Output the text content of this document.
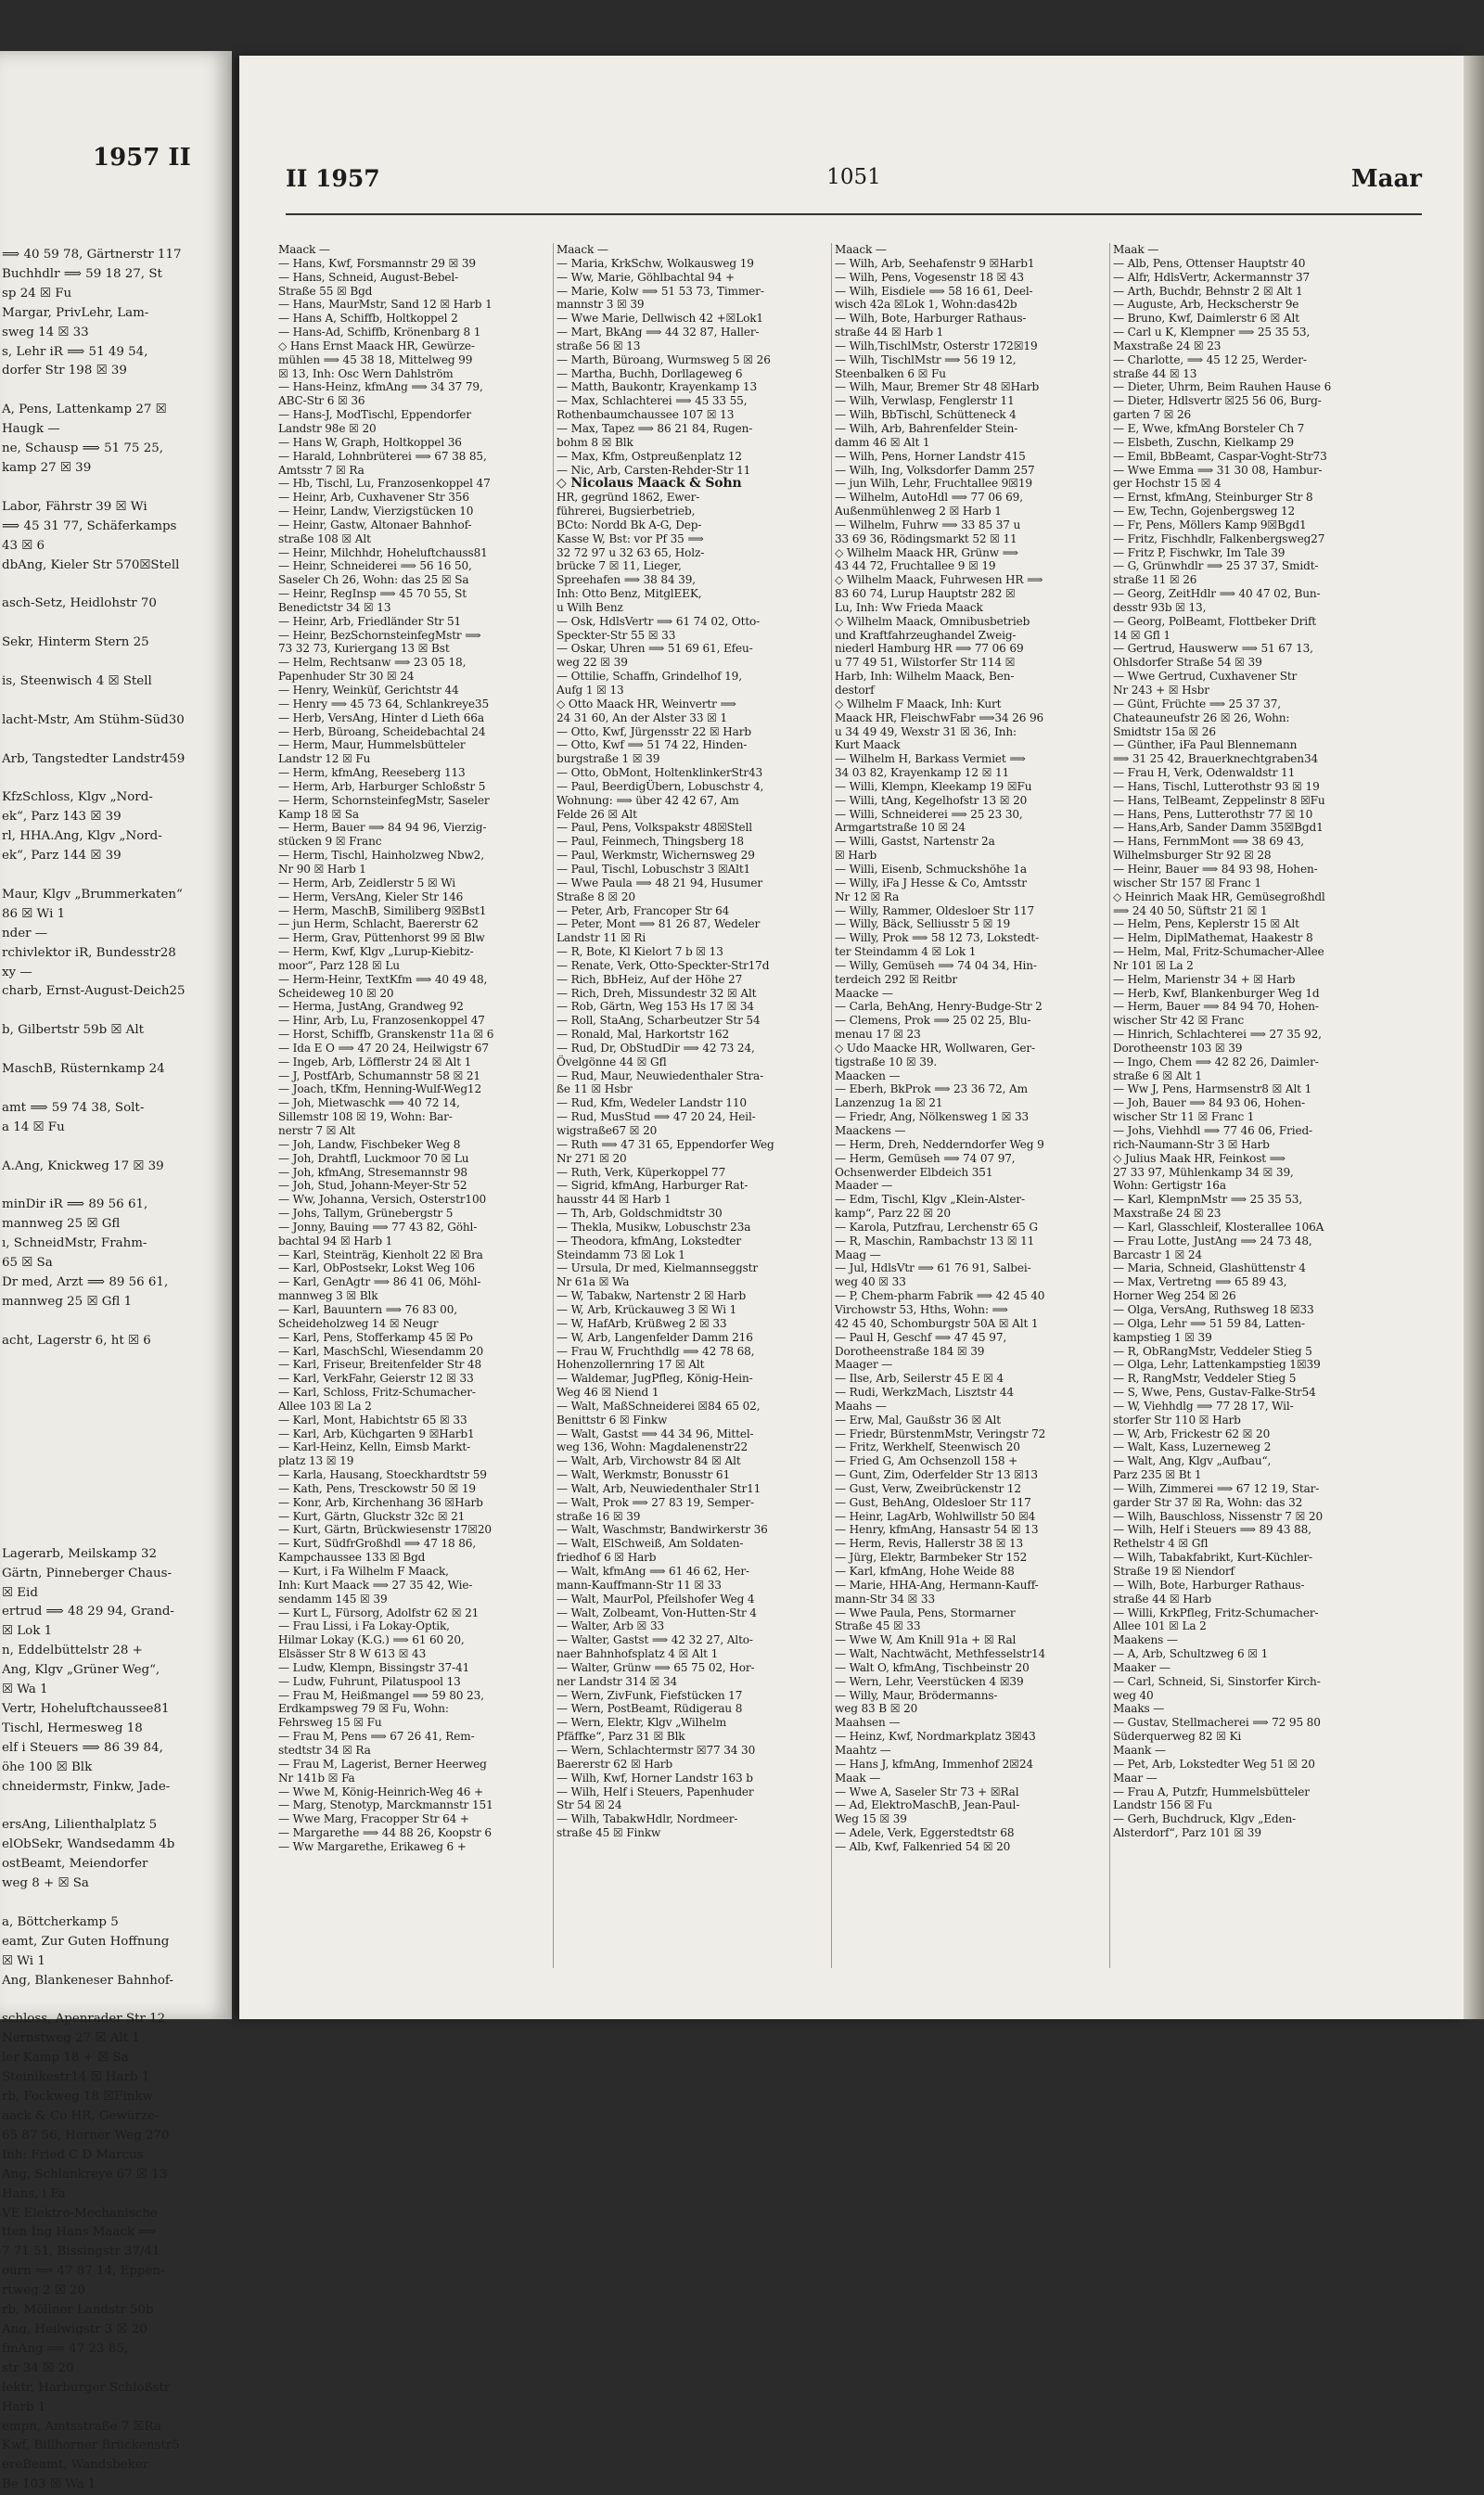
1957 II
⟹ 40 59 78, Gärtnerstr 117
Buchhdlr ⟹ 59 18 27, St
sp 24 ☒ Fu
Margar, PrivLehr, Lam-
sweg 14 ☒ 33
s, Lehr iR ⟹ 51 49 54,
dorfer Str 198 ☒ 39

A, Pens, Lattenkamp 27 ☒
Haugk —
ne, Schausp ⟹ 51 75 25,
kamp 27 ☒ 39

Labor, Fährstr 39 ☒ Wi
⟹ 45 31 77, Schäferkamps
43 ☒ 6
dbAng, Kieler Str 570☒Stell

asch-Setz, Heidlohstr 70

Sekr, Hinterm Stern 25

is, Steenwisch 4 ☒ Stell

lacht-Mstr, Am Stühm-Süd30

Arb, Tangstedter Landstr459

KfzSchloss, Klgv „Nord-
ek“, Parz 143 ☒ 39
rl, HHA.Ang, Klgv „Nord-
ek“, Parz 144 ☒ 39

Maur, Klgv „Brummerkaten“
86 ☒ Wi 1
nder —
rchivlektor iR, Bundesstr28
xy —
charb, Ernst-August-Deich25

b, Gilbertstr 59b ☒ Alt

MaschB, Rüsternkamp 24

amt ⟹ 59 74 38, Solt-
a 14 ☒ Fu

A.Ang, Knickweg 17 ☒ 39

minDir iR ⟹ 89 56 61,
mannweg 25 ☒ Gfl
ı, SchneidMstr, Frahm-
65 ☒ Sa
Dr med, Arzt ⟹ 89 56 61,
mannweg 25 ☒ Gfl 1

acht, Lagerstr 6, ht ☒ 6

Lagerarb, Meilskamp 32
Gärtn, Pinneberger Chaus-
☒ Eid
ertrud ⟹ 48 29 94, Grand-
☒ Lok 1
n, Eddelbüttelstr 28 +
Ang, Klgv „Grüner Weg“,
☒ Wa 1
Vertr, Hoheluftchaussee81
Tischl, Hermesweg 18
elf i Steuers ⟹ 86 39 84,
öhe 100 ☒ Blk
chneidermstr, Finkw, Jade-

ersAng, Lilienthalplatz 5
elObSekr, Wandsedamm 4b
ostBeamt, Meiendorfer
weg 8 + ☒ Sa

a, Böttcherkamp 5
eamt, Zur Guten Hoffnung
☒ Wi 1
Ang, Blankeneser Bahnhof-

schloss, Apenrader Str 12
Nernstweg 27 ☒ Alt 1
ler Kamp 18 + ☒ Sa
Steinikestr14 ☒ Harb 1
rb, Fockweg 18 ☒Finkw
aack & Co HR, Gewürze-
65 87 56, Horner Weg 270
Inh: Fried C D Marcus
Ang, Schlankreye 67 ☒ 13
Hans, i Fa
VE Elektro-Mechanische
tten Ing Hans Maack ⟹
7 71 51, Bissingstr 37/41
ourn ⟹ 47 87 14, Eppen-
rtweg 2 ☒ 20
rb, Möllner Landstr 50b
Ang, Heilwigstr 3 ☒ 20
fmAng ⟹ 47 23 85,
str 34 ☒ 20
lektr, Harburger Schloßstr
Harb 1
empn, Amtsstraße 7 ☒Ra
Kwf, Billhorner Brückenstr5
ereBeamt, Wandsbeker
Be 103 ☒ Wa 1
II 1957	1051	Maar
Maack —
— Hans, Kwf, Forsmannstr 29 ☒ 39
— Hans, Schneid, August-Bebel-
Straße 55 ☒ Bgd
— Hans, MaurMstr, Sand 12 ☒ Harb 1
— Hans A, Schiffb, Holtkoppel 2
— Hans-Ad, Schiffb, Krönenbarg 8 1
◇ Hans Ernst Maack HR, Gewürze-
mühlen ⟹ 45 38 18, Mittelweg 99
☒ 13, Inh: Osc Wern Dahlström
— Hans-Heinz, kfmAng ⟹ 34 37 79,
ABC-Str 6 ☒ 36
— Hans-J, ModTischl, Eppendorfer
Landstr 98e ☒ 20
— Hans W, Graph, Holtkoppel 36
— Harald, Lohnbrüterei ⟹ 67 38 85,
Amtsstr 7 ☒ Ra
— Hb, Tischl, Lu, Franzosenkoppel 47
— Heinr, Arb, Cuxhavener Str 356
— Heinr, Landw, Vierzigstücken 10
— Heinr, Gastw, Altonaer Bahnhof-
straße 108 ☒ Alt
— Heinr, Milchhdr, Hoheluftchauss81
— Heinr, Schneiderei ⟹ 56 16 50,
Saseler Ch 26, Wohn: das 25 ☒ Sa
— Heinr, RegInsp ⟹ 45 70 55, St
Benedictstr 34 ☒ 13
— Heinr, Arb, Friedländer Str 51
— Heinr, BezSchornsteinfegMstr ⟹
73 32 73, Kuriergang 13 ☒ Bst
— Helm, Rechtsanw ⟹ 23 05 18,
Papenhuder Str 30 ☒ 24
— Henry, Weinküf, Gerichtstr 44
— Henry ⟹ 45 73 64, Schlankreye35
— Herb, VersAng, Hinter d Lieth 66a
— Herb, Büroang, Scheidebachtal 24
— Herm, Maur, Hummelsbütteler
Landstr 12 ☒ Fu
— Herm, kfmAng, Reeseberg 113
— Herm, Arb, Harburger Schloßstr 5
— Herm, SchornsteinfegMstr, Saseler
Kamp 18 ☒ Sa
— Herm, Bauer ⟹ 84 94 96, Vierzig-
stücken 9 ☒ Franc
— Herm, Tischl, Hainholzweg Nbw2,
Nr 90 ☒ Harb 1
— Herm, Arb, Zeidlerstr 5 ☒ Wi
— Herm, VersAng, Kieler Str 146
— Herm, MaschB, Similiberg 9☒Bst1
— jun Herm, Schlacht, Baererstr 62
— Herm, Grav, Püttenhorst 99 ☒ Blw
— Herm, Kwf, Klgv „Lurup-Kiebitz-
moor“, Parz 128 ☒ Lu
— Herm-Heinr, TextKfm ⟹ 40 49 48,
Scheideweg 10 ☒ 20
— Herma, JustAng, Grandweg 92
— Hinr, Arb, Lu, Franzosenkoppel 47
— Horst, Schiffb, Granskenstr 11a ☒ 6
— Ida E O ⟹ 47 20 24, Heilwigstr 67
— Ingeb, Arb, Löfflerstr 24 ☒ Alt 1
— J, PostfArb, Schumannstr 58 ☒ 21
— Joach, tKfm, Henning-Wulf-Weg12
— Joh, Mietwaschk ⟹ 40 72 14,
Sillemstr 108 ☒ 19, Wohn: Bar-
nerstr 7 ☒ Alt
— Joh, Landw, Fischbeker Weg 8
— Joh, Drahtfl, Luckmoor 70 ☒ Lu
— Joh, kfmAng, Stresemannstr 98
— Joh, Stud, Johann-Meyer-Str 52
— Ww, Johanna, Versich, Osterstr100
— Johs, Tallym, Grünebergstr 5
— Jonny, Bauing ⟹ 77 43 82, Göhl-
bachtal 94 ☒ Harb 1
— Karl, Steinträg, Kienholt 22 ☒ Bra
— Karl, ObPostsekr, Lokst Weg 106
— Karl, GenAgtr ⟹ 86 41 06, Möhl-
mannweg 3 ☒ Blk
— Karl, Bauuntern ⟹ 76 83 00,
Scheideholzweg 14 ☒ Neugr
— Karl, Pens, Stofferkamp 45 ☒ Po
— Karl, MaschSchl, Wiesendamm 20
— Karl, Friseur, Breitenfelder Str 48
— Karl, VerkFahr, Geierstr 12 ☒ 33
— Karl, Schloss, Fritz-Schumacher-
Allee 103 ☒ La 2
— Karl, Mont, Habichtstr 65 ☒ 33
— Karl, Arb, Küchgarten 9 ☒Harb1
— Karl-Heinz, Kelln, Eimsb Markt-
platz 13 ☒ 19
— Karla, Hausang, Stoeckhardtstr 59
— Kath, Pens, Tresckowstr 50 ☒ 19
— Konr, Arb, Kirchenhang 36 ☒Harb
— Kurt, Gärtn, Gluckstr 32c ☒ 21
— Kurt, Gärtn, Brückwiesenstr 17☒20
— Kurt, SüdfrGroßhdl ⟹ 47 18 86,
Kampchaussee 133 ☒ Bgd
— Kurt, i Fa Wilhelm F Maack,
Inh: Kurt Maack ⟹ 27 35 42, Wie-
sendamm 145 ☒ 39
— Kurt L, Fürsorg, Adolfstr 62 ☒ 21
— Frau Lissi, i Fa Lokay-Optik,
Hilmar Lokay (K.G.) ⟹ 61 60 20,
Elsässer Str 8 W 613 ☒ 43
— Ludw, Klempn, Bissingstr 37-41
— Ludw, Fuhrunt, Pilatuspool 13
— Frau M, Heißmangel ⟹ 59 80 23,
Erdkampsweg 79 ☒ Fu, Wohn:
Fehrsweg 15 ☒ Fu
— Frau M, Pens ⟹ 67 26 41, Rem-
stedtstr 34 ☒ Ra
— Frau M, Lagerist, Berner Heerweg
Nr 141b ☒ Fa
— Wwe M, König-Heinrich-Weg 46 +
— Marg, Stenotyp, Marckmannstr 151
— Wwe Marg, Fracopper Str 64 +
— Margarethe ⟹ 44 88 26, Koopstr 6
— Ww Margarethe, Erikaweg 6 +
Maack —
— Maria, KrkSchw, Wolkausweg 19
— Ww, Marie, Göhlbachtal 94 +
— Marie, Kolw ⟹ 51 53 73, Timmer-
mannstr 3 ☒ 39
— Wwe Marie, Dellwisch 42 +☒Lok1
— Mart, BkAng ⟹ 44 32 87, Haller-
straße 56 ☒ 13
— Marth, Büroang, Wurmsweg 5 ☒ 26
— Martha, Buchh, Dorllageweg 6
— Matth, Baukontr, Krayenkamp 13
— Max, Schlachterei ⟹ 45 33 55,
Rothenbaumchaussee 107 ☒ 13
— Max, Tapez ⟹ 86 21 84, Rugen-
bohm 8 ☒ Blk
— Max, Kfm, Ostpreußenplatz 12
— Nic, Arb, Carsten-Rehder-Str 11
◇ Nicolaus Maack & Sohn
HR, gegründ 1862, Ewer-
führerei, Bugsierbetrieb,
BCto: Nordd Bk A-G, Dep-
Kasse W, Bst: vor Pf 35 ⟹
32 72 97 u 32 63 65, Holz-
brücke 7 ☒ 11, Lieger,
Spreehafen ⟹ 38 84 39,
Inh: Otto Benz, MitglEEK,
u Wilh Benz
— Osk, HdlsVertr ⟹ 61 74 02, Otto-
Speckter-Str 55 ☒ 33
— Oskar, Uhren ⟹ 51 69 61, Efeu-
weg 22 ☒ 39
— Ottilie, Schaffn, Grindelhof 19,
Aufg 1 ☒ 13
◇ Otto Maack HR, Weinvertr ⟹
24 31 60, An der Alster 33 ☒ 1
— Otto, Kwf, Jürgensstr 22 ☒ Harb
— Otto, Kwf ⟹ 51 74 22, Hinden-
burgstraße 1 ☒ 39
— Otto, ObMont, HoltenklinkerStr43
— Paul, BeerdigÜbern, Lobuschstr 4,
Wohnung: ⟹ über 42 42 67, Am
Felde 26 ☒ Alt
— Paul, Pens, Volkspakstr 48☒Stell
— Paul, Feinmech, Thingsberg 18
— Paul, Werkmstr, Wichernsweg 29
— Paul, Tischl, Lobuschstr 3 ☒Alt1
— Wwe Paula ⟹ 48 21 94, Husumer
Straße 8 ☒ 20
— Peter, Arb, Francoper Str 64
— Peter, Mont ⟹ 81 26 87, Wedeler
Landstr 11 ☒ Ri
— R, Bote, Kl Kielort 7 b ☒ 13
— Renate, Verk, Otto-Speckter-Str17d
— Rich, BbHeiz, Auf der Höhe 27
— Rich, Dreh, Missundestr 32 ☒ Alt
— Rob, Gärtn, Weg 153 Hs 17 ☒ 34
— Roll, StaAng, Scharbeutzer Str 54
— Ronald, Mal, Harkortstr 162
— Rud, Dr, ObStudDir ⟹ 42 73 24,
Övelgönne 44 ☒ Gfl
— Rud, Maur, Neuwiedenthaler Stra-
ße 11 ☒ Hsbr
— Rud, Kfm, Wedeler Landstr 110
— Rud, MusStud ⟹ 47 20 24, Heil-
wigstraße67 ☒ 20
— Ruth ⟹ 47 31 65, Eppendorfer Weg
Nr 271 ☒ 20
— Ruth, Verk, Küperkoppel 77
— Sigrid, kfmAng, Harburger Rat-
hausstr 44 ☒ Harb 1
— Th, Arb, Goldschmidtstr 30
— Thekla, Musikw, Lobuschstr 23a
— Theodora, kfmAng, Lokstedter
Steindamm 73 ☒ Lok 1
— Ursula, Dr med, Kielmannseggstr
Nr 61a ☒ Wa
— W, Tabakw, Nartenstr 2 ☒ Harb
— W, Arb, Krückauweg 3 ☒ Wi 1
— W, HafArb, Krüßweg 2 ☒ 33
— W, Arb, Langenfelder Damm 216
— Frau W, Fruchthdlg ⟹ 42 78 68,
Hohenzollernring 17 ☒ Alt
— Waldemar, JugPfleg, König-Hein-
Weg 46 ☒ Niend 1
— Walt, MaßSchneiderei ☒84 65 02,
Benittstr 6 ☒ Finkw
— Walt, Gastst ⟹ 44 34 96, Mittel-
weg 136, Wohn: Magdalenenstr22
— Walt, Arb, Virchowstr 84 ☒ Alt
— Walt, Werkmstr, Bonusstr 61
— Walt, Arb, Neuwiedenthaler Str11
— Walt, Prok ⟹ 27 83 19, Semper-
straße 16 ☒ 39
— Walt, Waschmstr, Bandwirkerstr 36
— Walt, ElSchweiß, Am Soldaten-
friedhof 6 ☒ Harb
— Walt, kfmAng ⟹ 61 46 62, Her-
mann-Kauffmann-Str 11 ☒ 33
— Walt, MaurPol, Pfeilshofer Weg 4
— Walt, Zolbeamt, Von-Hutten-Str 4
— Walter, Arb ☒ 33
— Walter, Gastst ⟹ 42 32 27, Alto-
naer Bahnhofsplatz 4 ☒ Alt 1
— Walter, Grünw ⟹ 65 75 02, Hor-
ner Landstr 314 ☒ 34
— Wern, ZivFunk, Fiefstücken 17
— Wern, PostBeamt, Rüdigerau 8
— Wern, Elektr, Klgv „Wilhelm
Pfäffke“, Parz 31 ☒ Blk
— Wern, Schlachtermstr ☒77 34 30
Baererstr 62 ☒ Harb
— Wilh, Kwf, Horner Landstr 163 b
— Wilh, Helf i Steuers, Papenhuder
Str 54 ☒ 24
— Wilh, TabakwHdlr, Nordmeer-
straße 45 ☒ Finkw
Maack —
— Wilh, Arb, Seehafenstr 9 ☒Harb1
— Wilh, Pens, Vogesenstr 18 ☒ 43
— Wilh, Eisdiele ⟹ 58 16 61, Deel-
wisch 42a ☒Lok 1, Wohn:das42b
— Wilh, Bote, Harburger Rathaus-
straße 44 ☒ Harb 1
— Wilh,TischlMstr, Osterstr 172☒19
— Wilh, TischlMstr ⟹ 56 19 12,
Steenbalken 6 ☒ Fu
— Wilh, Maur, Bremer Str 48 ☒Harb
— Wilh, Verwlasp, Fenglerstr 11
— Wilh, BbTischl, Schütteneck 4
— Wilh, Arb, Bahrenfelder Stein-
damm 46 ☒ Alt 1
— Wilh, Pens, Horner Landstr 415
— Wilh, Ing, Volksdorfer Damm 257
— jun Wilh, Lehr, Fruchtallee 9☒19
— Wilhelm, AutoHdl ⟹ 77 06 69,
Außenmühlenweg 2 ☒ Harb 1
— Wilhelm, Fuhrw ⟹ 33 85 37 u
33 69 36, Rödingsmarkt 52 ☒ 11
◇ Wilhelm Maack HR, Grünw ⟹
43 44 72, Fruchtallee 9 ☒ 19
◇ Wilhelm Maack, Fuhrwesen HR ⟹
83 60 74, Lurup Hauptstr 282 ☒
Lu, Inh: Ww Frieda Maack
◇ Wilhelm Maack, Omnibusbetrieb
und Kraftfahrzeughandel Zweig-
niederl Hamburg HR ⟹ 77 06 69
u 77 49 51, Wilstorfer Str 114 ☒
Harb, Inh: Wilhelm Maack, Ben-
destorf
◇ Wilhelm F Maack, Inh: Kurt
Maack HR, FleischwFabr ⟹34 26 96
u 34 49 49, Wexstr 31 ☒ 36, Inh:
Kurt Maack
— Wilhelm H, Barkass Vermiet ⟹
34 03 82, Krayenkamp 12 ☒ 11
— Willi, Klempn, Kleekamp 19 ☒Fu
— Willi, tAng, Kegelhofstr 13 ☒ 20
— Willi, Schneiderei ⟹ 25 23 30,
Armgartstraße 10 ☒ 24
— Willi, Gastst, Nartenstr 2a
☒ Harb
— Willi, Eisenb, Schmuckshöhe 1a
— Willy, iFa J Hesse & Co, Amtsstr
Nr 12 ☒ Ra
— Willy, Rammer, Oldesloer Str 117
— Willy, Bäck, Selliusstr 5 ☒ 19
— Willy, Prok ⟹ 58 12 73, Lokstedt-
ter Steindamm 4 ☒ Lok 1
— Willy, Gemüseh ⟹ 74 04 34, Hin-
terdeich 292 ☒ Reitbr
Maacke —
— Carla, BehAng, Henry-Budge-Str 2
— Clemens, Prok ⟹ 25 02 25, Blu-
menau 17 ☒ 23
◇ Udo Maacke HR, Wollwaren, Ger-
tigstraße 10 ☒ 39.
Maacken —
— Eberh, BkProk ⟹ 23 36 72, Am
Lanzenzug 1a ☒ 21
— Friedr, Ang, Nölkensweg 1 ☒ 33
Maackens —
— Herm, Dreh, Nedderndorfer Weg 9
— Herm, Gemüseh ⟹ 74 07 97,
Ochsenwerder Elbdeich 351
Maader —
— Edm, Tischl, Klgv „Klein-Alster-
kamp“, Parz 22 ☒ 20
— Karola, Putzfrau, Lerchenstr 65 G
— R, Maschin, Rambachstr 13 ☒ 11
Maag —
— Jul, HdlsVtr ⟹ 61 76 91, Salbei-
weg 40 ☒ 33
— P, Chem-pharm Fabrik ⟹ 42 45 40
Virchowstr 53, Hths, Wohn: ⟹
42 45 40, Schomburgstr 50A ☒ Alt 1
— Paul H, Geschf ⟹ 47 45 97,
Dorotheenstraße 184 ☒ 39
Maager —
— Ilse, Arb, Seilerstr 45 E ☒ 4
— Rudi, WerkzMach, Lisztstr 44
Maahs —
— Erw, Mal, Gaußstr 36 ☒ Alt
— Friedr, BürstenmMstr, Veringstr 72
— Fritz, Werkhelf, Steenwisch 20
— Fried G, Am Ochsenzoll 158 +
— Gunt, Zim, Oderfelder Str 13 ☒13
— Gust, Verw, Zweibrückenstr 12
— Gust, BehAng, Oldesloer Str 117
— Heinr, LagArb, Wohlwillstr 50 ☒4
— Henry, kfmAng, Hansastr 54 ☒ 13
— Herm, Revis, Hallerstr 38 ☒ 13
— Jürg, Elektr, Barmbeker Str 152
— Karl, kfmAng, Hohe Weide 88
— Marie, HHA-Ang, Hermann-Kauff-
mann-Str 34 ☒ 33
— Wwe Paula, Pens, Stormarner
Straße 45 ☒ 33
— Wwe W, Am Knill 91a + ☒ Ral
— Walt, Nachtwächt, Methfesselstr14
— Walt O, kfmAng, Tischbeinstr 20
— Wern, Lehr, Veerstücken 4 ☒39
— Willy, Maur, Brödermanns-
weg 83 B ☒ 20
Maahsen —
— Heinz, Kwf, Nordmarkplatz 3☒43
Maahtz —
— Hans J, kfmAng, Immenhof 2☒24
Maak —
— Wwe A, Saseler Str 73 + ☒Ral
— Ad, ElektroMaschB, Jean-Paul-
Weg 15 ☒ 39
— Adele, Verk, Eggerstedtstr 68
— Alb, Kwf, Falkenried 54 ☒ 20
Maak —
— Alb, Pens, Ottenser Hauptstr 40
— Alfr, HdlsVertr, Ackermannstr 37
— Arth, Buchdr, Behnstr 2 ☒ Alt 1
— Auguste, Arb, Heckscherstr 9e
— Bruno, Kwf, Daimlerstr 6 ☒ Alt
— Carl u K, Klempner ⟹ 25 35 53,
Maxstraße 24 ☒ 23
— Charlotte, ⟹ 45 12 25, Werder-
straße 44 ☒ 13
— Dieter, Uhrm, Beim Rauhen Hause 6
— Dieter, Hdlsvertr ☒25 56 06, Burg-
garten 7 ☒ 26
— E, Wwe, kfmAng Borsteler Ch 7
— Elsbeth, Zuschn, Kielkamp 29
— Emil, BbBeamt, Caspar-Voght-Str73
— Wwe Emma ⟹ 31 30 08, Hambur-
ger Hochstr 15 ☒ 4
— Ernst, kfmAng, Steinburger Str 8
— Ew, Techn, Gojenbergsweg 12
— Fr, Pens, Möllers Kamp 9☒Bgd1
— Fritz, Fischhdlr, Falkenbergsweg27
— Fritz P, Fischwkr, Im Tale 39
— G, Grünwhdlr ⟹ 25 37 37, Smidt-
straße 11 ☒ 26
— Georg, ZeitHdlr ⟹ 40 47 02, Bun-
desstr 93b ☒ 13,
— Georg, PolBeamt, Flottbeker Drift
14 ☒ Gfl 1
— Gertrud, Hauswerw ⟹ 51 67 13,
Ohlsdorfer Straße 54 ☒ 39
— Wwe Gertrud, Cuxhavener Str
Nr 243 + ☒ Hsbr
— Günt, Früchte ⟹ 25 37 37,
Chateauneufstr 26 ☒ 26, Wohn:
Smidtstr 15a ☒ 26
— Günther, iFa Paul Blennemann
⟹ 31 25 42, Brauerknechtgraben34
— Frau H, Verk, Odenwaldstr 11
— Hans, Tischl, Lutterothstr 93 ☒ 19
— Hans, TelBeamt, Zeppelinstr 8 ☒Fu
— Hans, Pens, Lutterothstr 77 ☒ 10
— Hans,Arb, Sander Damm 35☒Bgd1
— Hans, FernmMont ⟹ 38 69 43,
Wilhelmsburger Str 92 ☒ 28
— Heinr, Bauer ⟹ 84 93 98, Hohen-
wischer Str 157 ☒ Franc 1
◇ Heinrich Maak HR, Gemüsegroßhdl
⟹ 24 40 50, Süftstr 21 ☒ 1
— Helm, Pens, Keplerstr 15 ☒ Alt
— Helm, DiplMathemat, Haakestr 8
— Helm, Mal, Fritz-Schumacher-Allee
Nr 101 ☒ La 2
— Helm, Marienstr 34 + ☒ Harb
— Herb, Kwf, Blankenburger Weg 1d
— Herm, Bauer ⟹ 84 94 70, Hohen-
wischer Str 42 ☒ Franc
— Hinrich, Schlachterei ⟹ 27 35 92,
Dorotheenstr 103 ☒ 39
— Ingo, Chem ⟹ 42 82 26, Daimler-
straße 6 ☒ Alt 1
— Ww J, Pens, Harmsenstr8 ☒ Alt 1
— Joh, Bauer ⟹ 84 93 06, Hohen-
wischer Str 11 ☒ Franc 1
— Johs, Viehhdl ⟹ 77 46 06, Fried-
rich-Naumann-Str 3 ☒ Harb
◇ Julius Maak HR, Feinkost ⟹
27 33 97, Mühlenkamp 34 ☒ 39,
Wohn: Gertigstr 16a
— Karl, KlempnMstr ⟹ 25 35 53,
Maxstraße 24 ☒ 23
— Karl, Glasschleif, Klosterallee 106A
— Frau Lotte, JustAng ⟹ 24 73 48,
Barcastr 1 ☒ 24
— Maria, Schneid, Glashüttenstr 4
— Max, Vertretng ⟹ 65 89 43,
Horner Weg 254 ☒ 26
— Olga, VersAng, Ruthsweg 18 ☒33
— Olga, Lehr ⟹ 51 59 84, Latten-
kampstieg 1 ☒ 39
— R, ObRangMstr, Veddeler Stieg 5
— Olga, Lehr, Lattenkampstieg 1☒39
— R, RangMstr, Veddeler Stieg 5
— S, Wwe, Pens, Gustav-Falke-Str54
— W, Viehhdlg ⟹ 77 28 17, Wil-
storfer Str 110 ☒ Harb
— W, Arb, Frickestr 62 ☒ 20
— Walt, Kass, Luzerneweg 2
— Walt, Ang, Klgv „Aufbau“,
Parz 235 ☒ Bt 1
— Wilh, Zimmerei ⟹ 67 12 19, Star-
garder Str 37 ☒ Ra, Wohn: das 32
— Wilh, Bauschloss, Nissenstr 7 ☒ 20
— Wilh, Helf i Steuers ⟹ 89 43 88,
Rethelstr 4 ☒ Gfl
— Wilh, Tabakfabrikt, Kurt-Küchler-
Straße 19 ☒ Niendorf
— Wilh, Bote, Harburger Rathaus-
straße 44 ☒ Harb
— Willi, KrkPfleg, Fritz-Schumacher-
Allee 101 ☒ La 2
Maakens —
— A, Arb, Schultzweg 6 ☒ 1
Maaker —
— Carl, Schneid, Si, Sinstorfer Kirch-
weg 40
Maaks —
— Gustav, Stellmacherei ⟹ 72 95 80
Süderquerweg 82 ☒ Ki
Maank —
— Pet, Arb, Lokstedter Weg 51 ☒ 20
Maar —
— Frau A, Putzfr, Hummelsbütteler
Landstr 156 ☒ Fu
— Gerh, Buchdruck, Klgv „Eden-
Alsterdorf“, Parz 101 ☒ 39
